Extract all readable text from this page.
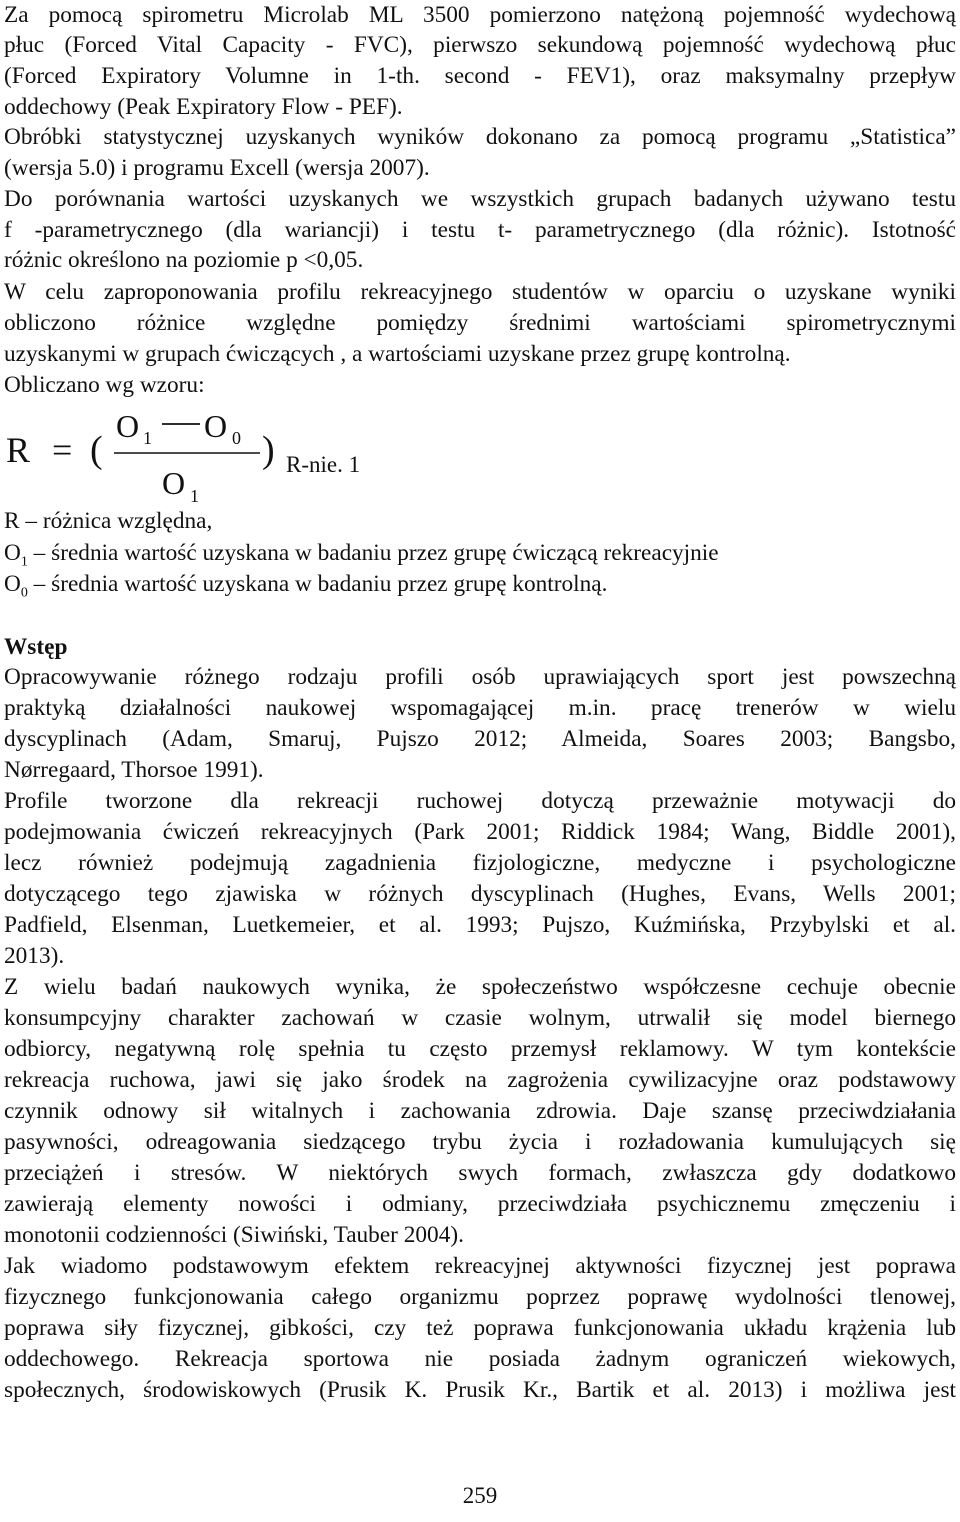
Za pomocą spirometru Microlab ML 3500 pomierzono natężoną pojemność wydechową
płuc (Forced Vital Capacity - FVC), pierwszo sekundową pojemność wydechową płuc
(Forced Expiratory Volumne in 1-th. second - FEV1), oraz maksymalny przepływ
oddechowy (Peak Expiratory Flow - PEF).
Obróbki statystycznej uzyskanych wyników dokonano za pomocą programu „Statistica”
(wersja 5.0) i programu Excell (wersja 2007).
Do porównania wartości uzyskanych we wszystkich grupach badanych używano testu
f -parametrycznego (dla wariancji) i testu t- parametrycznego (dla różnic). Istotność
różnic określono na poziomie p <0,05.
W celu zaproponowania profilu rekreacyjnego studentów w oparciu o uzyskane wyniki
obliczono różnice względne pomiędzy średnimi wartościami spirometrycznymi
uzyskanymi w grupach ćwiczących , a wartościami uzyskane przez grupę kontrolną.
Obliczano wg wzoru:
R = (
O 1 O 0
O 1
) R-nie. 1
R – różnica względna,
$O_1$ – średnia wartość uzyskana w badaniu przez grupę ćwiczącą rekreacyjnie
$O_0$ – średnia wartość uzyskana w badaniu przez grupę kontrolną.
Wstęp
Opracowywanie różnego rodzaju profili osób uprawiających sport jest powszechną
praktyką działalności naukowej wspomagającej m.in. pracę trenerów w wielu
dyscyplinach (Adam, Smaruj, Pujszo 2012; Almeida, Soares 2003; Bangsbo,
Nørregaard, Thorsoe 1991).
Profile tworzone dla rekreacji ruchowej dotyczą przeważnie motywacji do
podejmowania ćwiczeń rekreacyjnych (Park 2001; Riddick 1984; Wang, Biddle 2001),
lecz również podejmują zagadnienia fizjologiczne, medyczne i psychologiczne
dotyczącego tego zjawiska w różnych dyscyplinach (Hughes, Evans, Wells 2001;
Padfield, Elsenman, Luetkemeier, et al. 1993; Pujszo, Kuźmińska, Przybylski et al.
2013).
Z wielu badań naukowych wynika, że społeczeństwo współczesne cechuje obecnie
konsumpcyjny charakter zachowań w czasie wolnym, utrwalił się model biernego
odbiorcy, negatywną rolę spełnia tu często przemysł reklamowy. W tym kontekście
rekreacja ruchowa, jawi się jako środek na zagrożenia cywilizacyjne oraz podstawowy
czynnik odnowy sił witalnych i zachowania zdrowia. Daje szansę przeciwdziałania
pasywności, odreagowania siedzącego trybu życia i rozładowania kumulujących się
przeciążeń i stresów. W niektórych swych formach, zwłaszcza gdy dodatkowo
zawierają elementy nowości i odmiany, przeciwdziała psychicznemu zmęczeniu i
monotonii codzienności (Siwiński, Tauber 2004).
Jak wiadomo podstawowym efektem rekreacyjnej aktywności fizycznej jest poprawa
fizycznego funkcjonowania całego organizmu poprzez poprawę wydolności tlenowej,
poprawa siły fizycznej, gibkości, czy też poprawa funkcjonowania układu krążenia lub
oddechowego. Rekreacja sportowa nie posiada żadnym ograniczeń wiekowych,
społecznych, środowiskowych (Prusik K. Prusik Kr., Bartik et al. 2013) i możliwa jest
259
